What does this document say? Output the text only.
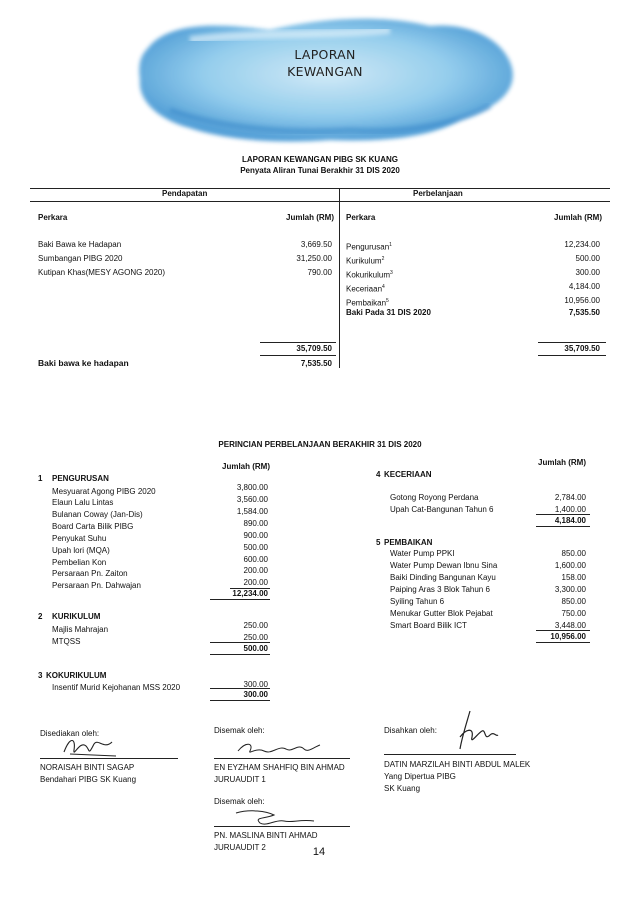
LAPORAN
KEWANGAN
LAPORAN KEWANGAN PIBG SK KUANG
Penyata Aliran Tunai Berakhir 31 DIS 2020
Pendapatan	Perbelanjaan
Perkara	Jumlah (RM) Perkara	Jumlah (RM)
Baki Bawa ke Hadapan	3,669.50
Sumbangan PIBG 2020	31,250.00
Kutipan Khas(MESY AGONG 2020)	790.00
Pengurusan$^1$	12,234.00
Kurikulum$^2$	500.00
Kokurikulum$^3$	300.00
Keceriaan$^4$	4,184.00
Pembaikan$^5$	10,956.00
Baki Pada 31 DIS 2020	7,535.50
35,709.50	35,709.50
Baki bawa ke hadapan	7,535.50
PERINCIAN PERBELANJAAN BERAKHIR 31 DIS 2020
Jumlah (RM)	Jumlah (RM)
1 PENGURUSAN
Mesyuarat Agong PIBG 2020	3,800.00
Elaun Lalu Lintas	3,560.00
Bulanan Coway (Jan-Dis)	1,584.00
Board Carta Bilik PIBG	890.00
Penyukat Suhu	900.00
Upah lori (MQA)	500.00
Pembelian Kon	600.00
Persaraan Pn. Zaiton	200.00
Persaraan Pn. Dahwajan	200.00
12,234.00
2 KURIKULUM
Majlis Mahrajan	250.00
MTQSS	250.00
500.00
3 KOKURIKULUM
Insentif Murid Kejohanan MSS 2020	300.00
300.00
4 KECERIAAN
Gotong Royong Perdana	2,784.00
Upah Cat-Bangunan Tahun 6	1,400.00
4,184.00
5 PEMBAIKAN
Water Pump PPKI	850.00
Water Pump Dewan Ibnu Sina	1,600.00
Baiki Dinding Bangunan Kayu	158.00
Paiping Aras 3 Blok Tahun 6	3,300.00
Syiling Tahun 6	850.00
Menukar Gutter Blok Pejabat	750.00
Smart Board Bilik ICT	3,448.00
10,956.00
Disediakan oleh:
NORAISAH BINTI SAGAP
Bendahari PIBG SK Kuang
Disemak oleh:
EN EYZHAM SHAHFIQ BIN AHMAD
JURUAUDIT 1
Disemak oleh:
PN. MASLINA BINTI AHMAD
JURUAUDIT 2
Disahkan oleh:
DATIN MARZILAH BINTI ABDUL MALEK
Yang Dipertua PIBG
SK Kuang
14
